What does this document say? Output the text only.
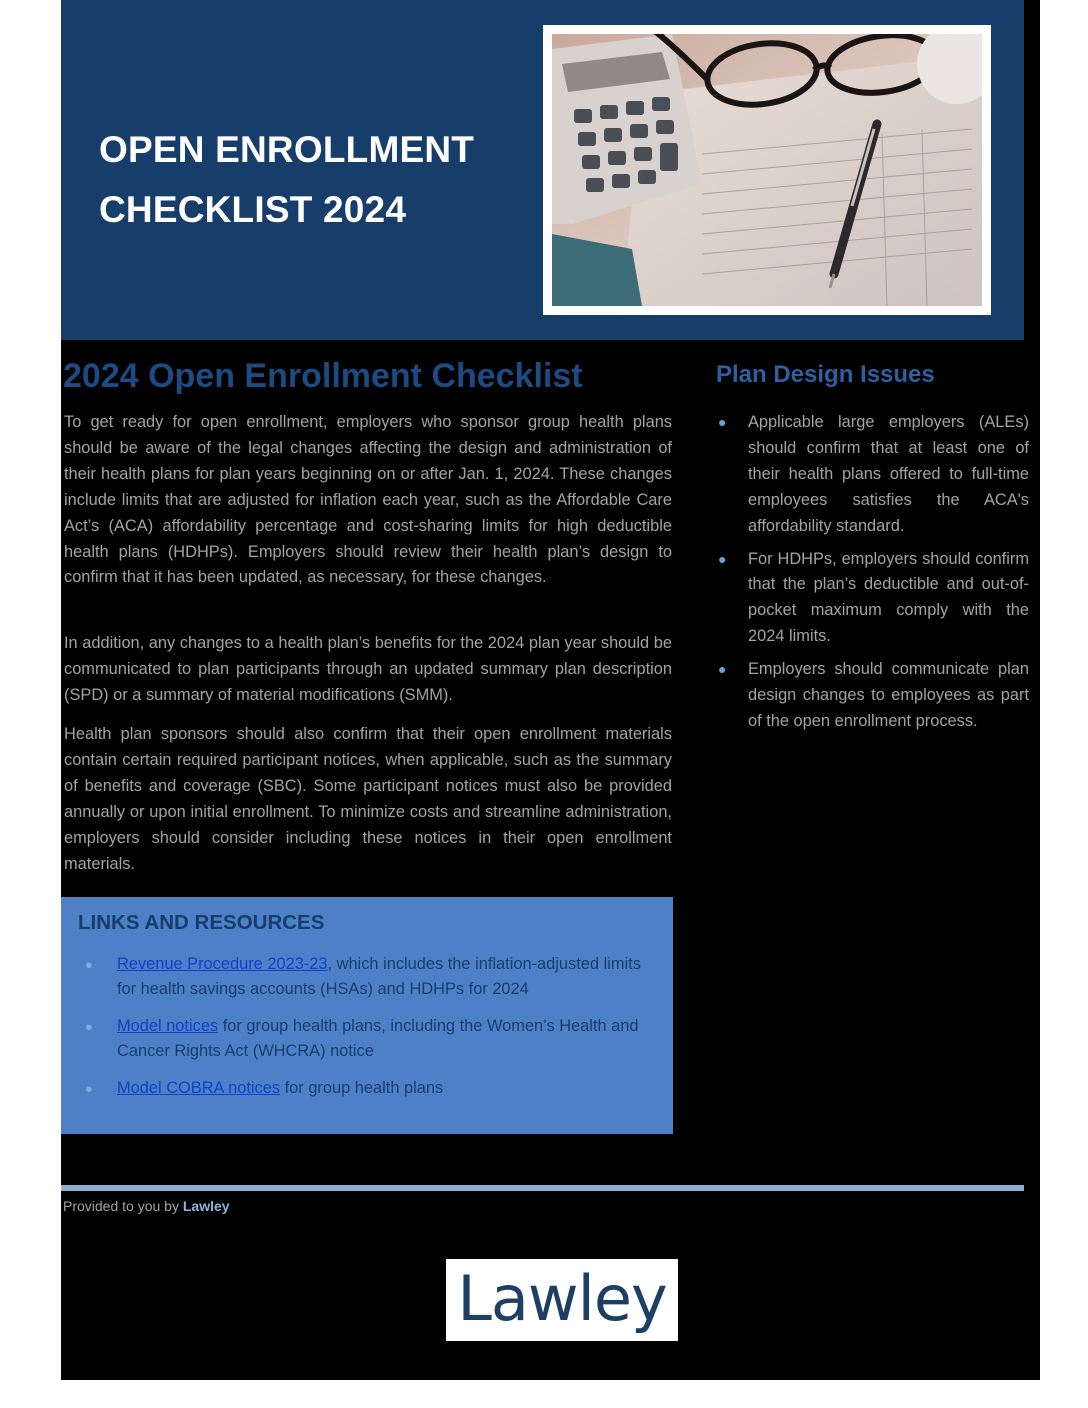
OPEN ENROLLMENT CHECKLIST 2024
2024 Open Enrollment Checklist

To get ready for open enrollment, employers who sponsor group health plans should be aware of the legal changes affecting the design and administration of their health plans for plan years beginning on or after Jan. 1, 2024. These changes include limits that are adjusted for inflation each year, such as the Affordable Care Act’s (ACA) affordability percentage and cost-sharing limits for high deductible health plans (HDHPs). Employers should review their health plan’s design to confirm that it has been updated, as necessary, for these changes.

In addition, any changes to a health plan’s benefits for the 2024 plan year should be communicated to plan participants through an updated summary plan description (SPD) or a summary of material modifications (SMM).

Health plan sponsors should also confirm that their open enrollment materials contain certain required participant notices, when applicable, such as the summary of benefits and coverage (SBC). Some participant notices must also be provided annually or upon initial enrollment. To minimize costs and streamline administration, employers should consider including these notices in their open enrollment materials.

Plan Design Issues
● Applicable large employers (ALEs) should confirm that at least one of their health plans offered to full-time employees satisfies the ACA's affordability standard.
● For HDHPs, employers should confirm that the plan’s deductible and out-of-pocket maximum comply with the 2024 limits.
● Employers should communicate plan design changes to employees as part of the open enrollment process.
LINKS AND RESOURCES
● Revenue Procedure 2023-23, which includes the inflation-adjusted limits for health savings accounts (HSAs) and HDHPs for 2024
● Model notices for group health plans, including the Women’s Health and Cancer Rights Act (WHCRA) notice
● Model COBRA notices for group health plans
Provided to you by Lawley
Lawley
